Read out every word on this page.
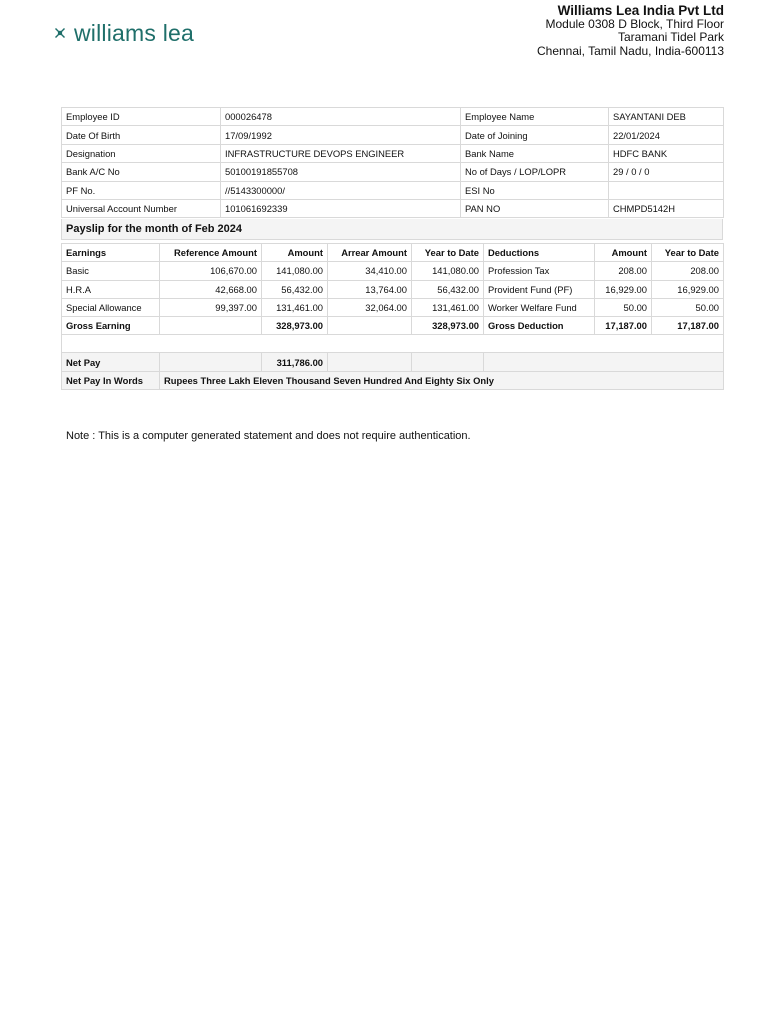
williams lea
Williams Lea India Pvt Ltd
Module 0308 D Block, Third Floor
Taramani Tidel Park
Chennai, Tamil Nadu, India-600113
Employee ID	000026478	Employee Name	SAYANTANI DEB
Date Of Birth	17/09/1992	Date of Joining	22/01/2024
Designation	INFRASTRUCTURE DEVOPS ENGINEER	Bank Name	HDFC BANK
Bank A/C No	50100191855708	No of Days / LOP/LOPR	29 / 0 / 0
PF No.	//5143300000/	ESI No	
Universal Account Number	101061692339	PAN NO	CHMPD5142H
Payslip for the month of Feb 2024
Earnings	Reference Amount	Amount	Arrear Amount	Year to Date	Deductions	Amount	Year to Date
Basic	106,670.00	141,080.00	34,410.00	141,080.00	Profession Tax	208.00	208.00
H.R.A	42,668.00	56,432.00	13,764.00	56,432.00	Provident Fund (PF)	16,929.00	16,929.00
Special Allowance	99,397.00	131,461.00	32,064.00	131,461.00	Worker Welfare Fund	50.00	50.00
Gross Earning		328,973.00		328,973.00	Gross Deduction	17,187.00	17,187.00

Net Pay		311,786.00					
Net Pay In Words	Rupees Three Lakh Eleven Thousand Seven Hundred And Eighty Six Only						
Note : This is a computer generated statement and does not require authentication.
